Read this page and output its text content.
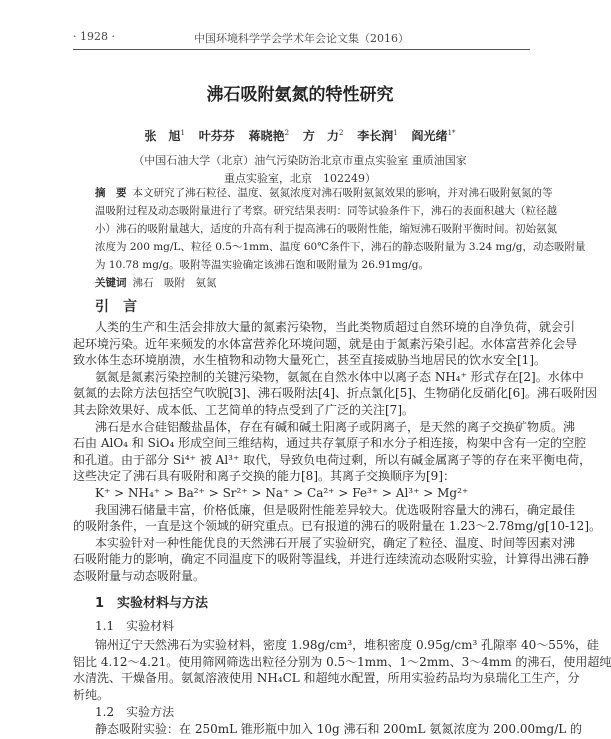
· 1928 ·	中国环境科学学会学术年会论文集（2016）
沸石吸附氨氮的特性研究
张　旭$^1$ 叶芬芬 蒋晓艳$^2$ 方　力$^2$ 李长润$^1$ 阎光绪$^{1*}$
（中国石油大学（北京）油气污染防治北京市重点实验室 重质油国家
重点实验室，北京　102249）
摘　要 本文研究了沸石粒径、温度、氨氮浓度对沸石吸附氨氮效果的影响，并对沸石吸附氨氮的等
温吸附过程及动态吸附量进行了考察。研究结果表明：同等试验条件下，沸石的表面积越大（粒径越
小）沸石的吸附量越大，适度的升高有利于提高沸石的吸附性能，缩短沸石吸附平衡时间。初始氨氮
浓度为 200 mg/L、粒径 0.5～1mm、温度 60℃条件下，沸石的静态吸附量为 3.24 mg/g，动态吸附量
为 10.78 mg/g。吸附等温实验确定该沸石饱和吸附量为 26.91mg/g。
关键词 沸石　吸附　氨氮
引　言
人类的生产和生活会排放大量的氮素污染物，当此类物质超过自然环境的自净负荷，就会引
起环境污染。近年来频发的水体富营养化环境问题，就是由于氮素污染引起。水体富营养化会导
致水体生态环境崩溃，水生植物和动物大量死亡，甚至直接威胁当地居民的饮水安全[1]。
氨氮是氮素污染控制的关键污染物，氨氮在自然水体中以离子态 NH₄⁺ 形式存在[2]。水体中
氨氮的去除方法包括空气吹脱[3]、沸石吸附法[4]、折点氯化[5]、生物硝化反硝化[6]。沸石吸附因
其去除效果好、成本低、工艺简单的特点受到了广泛的关注[7]。
沸石是水合硅铝酸盐晶体，存在有碱和碱土阳离子或阴离子，是天然的离子交换矿物质。沸
石由 AlO₄ 和 SiO₄ 形成空间三维结构，通过共存氧原子和水分子相连接，构架中含有一定的空腔
和孔道。由于部分 Si⁴⁺ 被 Al³⁺ 取代，导致负电荷过剩，所以有碱金属离子等的存在来平衡电荷，
这些决定了沸石具有吸附和离子交换的能力[8]。其离子交换顺序为[9]：
K⁺ > NH₄⁺ > Ba²⁺ > Sr²⁺ > Na⁺ > Ca²⁺ > Fe³⁺ > Al³⁺ > Mg²⁺
我国沸石储量丰富，价格低廉，但是吸附性能差异较大。优选吸附容量大的沸石，确定最佳
的吸附条件，一直是这个领域的研究重点。已有报道的沸石的吸附量在 1.23～2.78mg/g[10-12]。
本实验针对一种性能优良的天然沸石开展了实验研究，确定了粒径、温度、时间等因素对沸
石吸附能力的影响，确定不同温度下的吸附等温线，并进行连续流动态吸附实验，计算得出沸石静
态吸附量与动态吸附量。
1　实验材料与方法
1.1　实验材料
锦州辽宁天然沸石为实验材料，密度 1.98g/cm³，堆积密度 0.95g/cm³ 孔隙率 40～55%，硅
铝比 4.12～4.21。使用筛网筛选出粒径分别为 0.5～1mm、1～2mm、3～4mm 的沸石，使用超纯
水清洗、干燥备用。氨氮溶液使用 NH₄CL 和超纯水配置，所用实验药品均为泉瑞化工生产，分
析纯。
1.2　实验方法
静态吸附实验：在 250mL 锥形瓶中加入 10g 沸石和 200mL 氨氮浓度为 200.00mg/L 的
